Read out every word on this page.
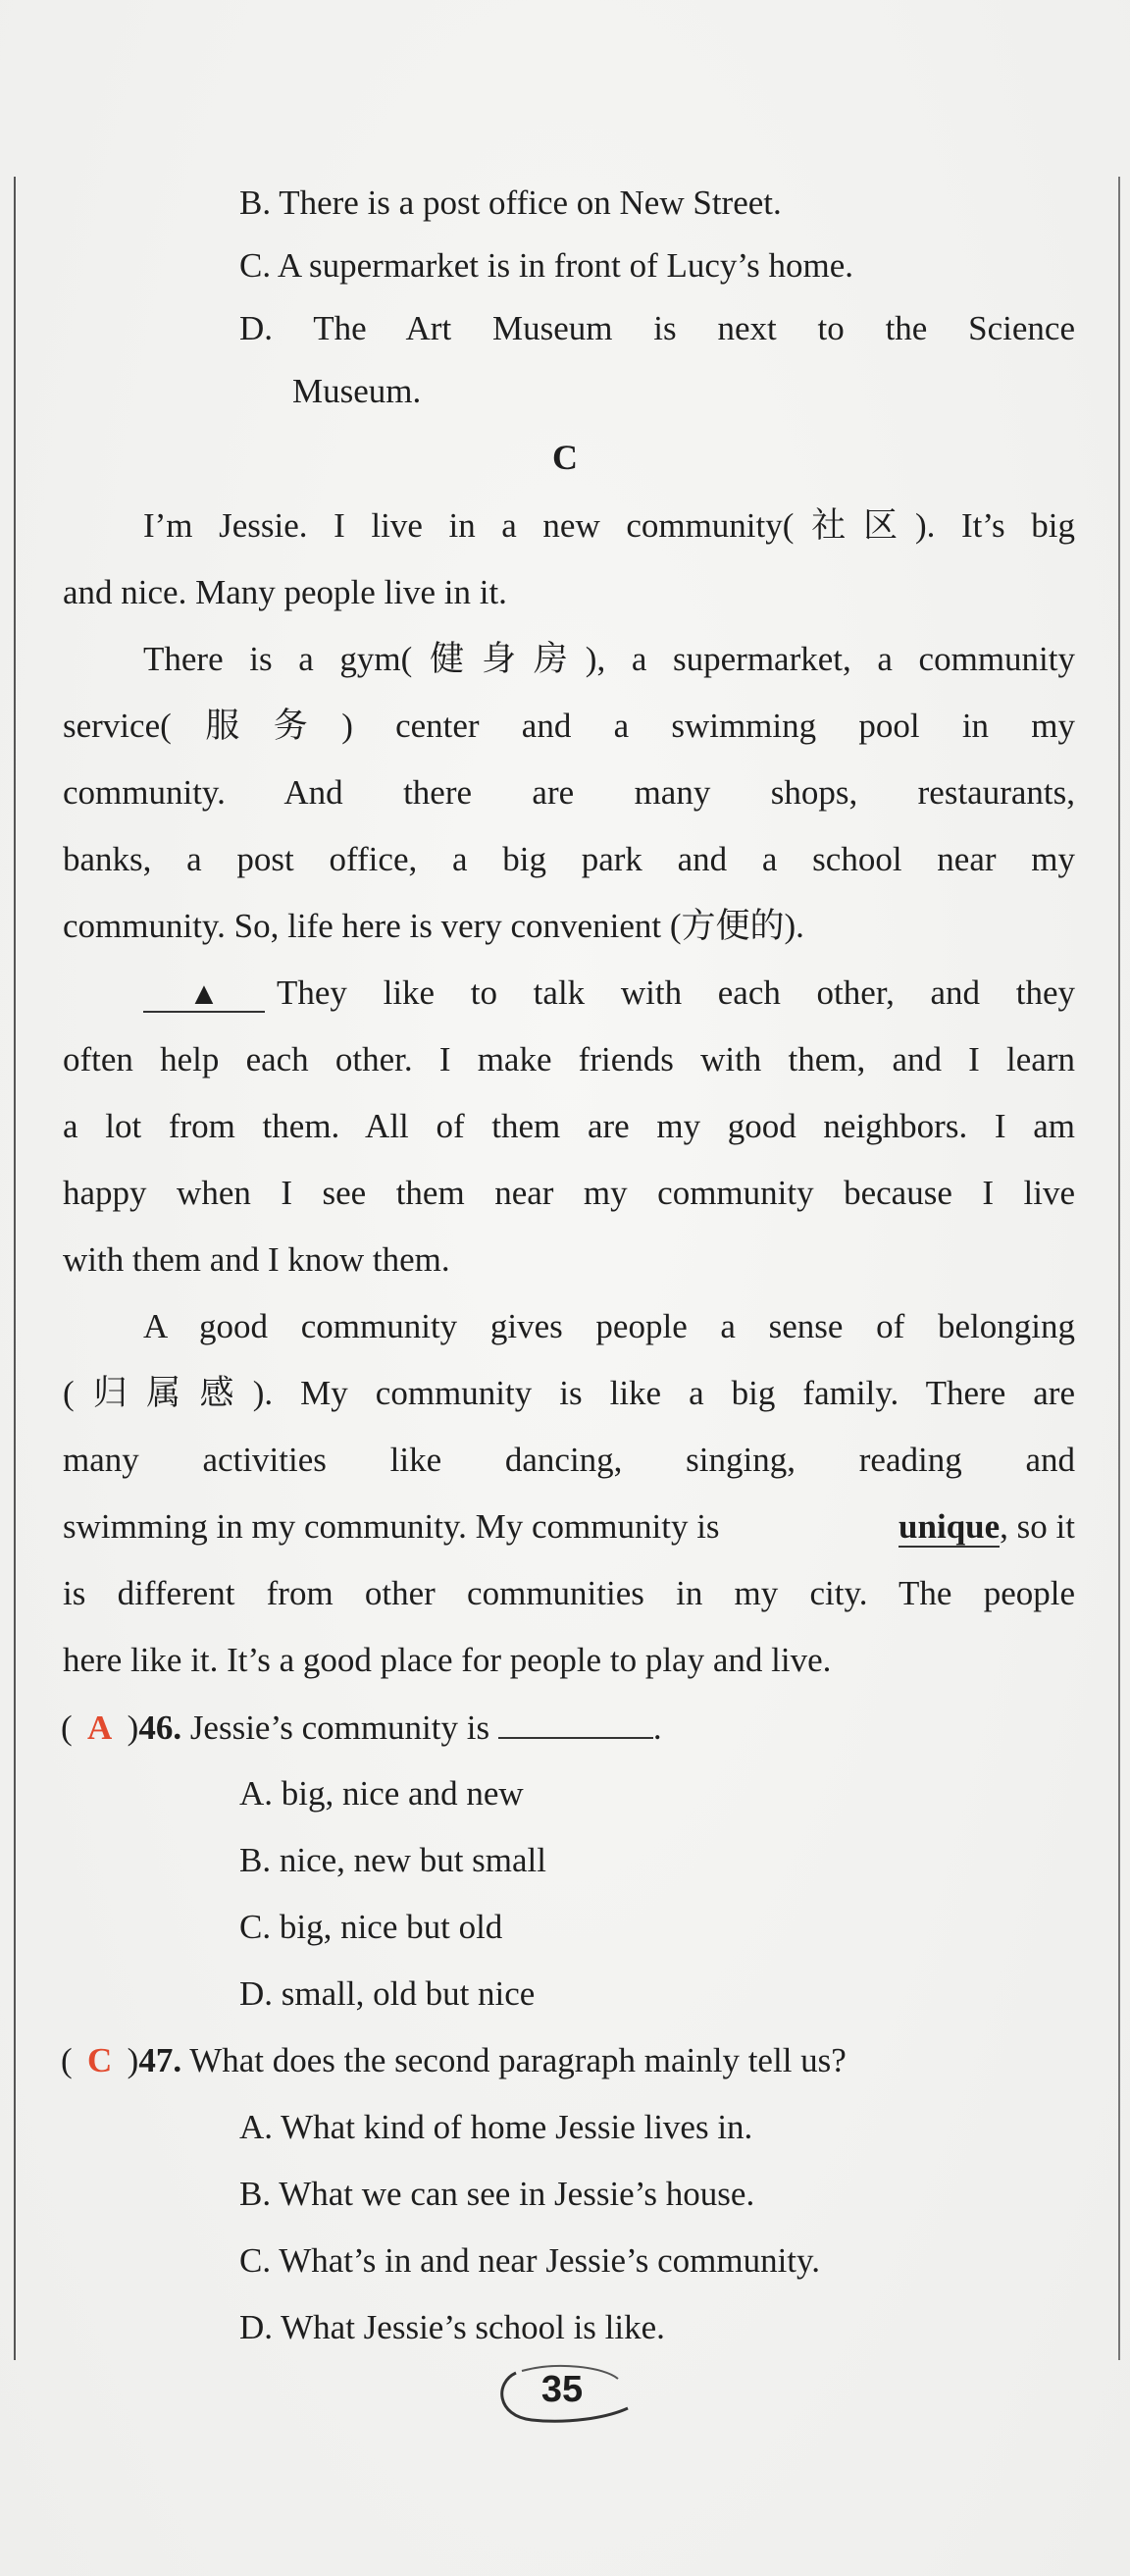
B. There is a post office on New Street.
C. A supermarket is in front of Lucy’s home.
D. The Art Museum is next to the Science
Museum.
C
I’m Jessie. I live in a new community(社区). It’s big
and nice. Many people live in it.
There is a gym(健身房), a supermarket, a community
service(服务) center and a swimming pool in my
community. And there are many shops, restaurants,
banks, a post office, a big park and a school near my
community. So, life here is very convenient (方便的).
▲	They like to talk with each other, and they
often help each other. I make friends with them, and I learn
a lot from them. All of them are my good neighbors. I am
happy when I see them near my community because I live
with them and I know them.
A good community gives people a sense of belonging
(归属感). My community is like a big family. There are
many activities like dancing, singing, reading and
swimming in my community. My community is	unique, so it
is different from other communities in my city. The people
here like it. It’s a good place for people to play and live.
( A )46. Jessie’s community is	.
A. big, nice and new
B. nice, new but small
C. big, nice but old
D. small, old but nice
( C )47. What does the second paragraph mainly tell us?
A. What kind of home Jessie lives in.
B. What we can see in Jessie’s house.
C. What’s in and near Jessie’s community.
D. What Jessie’s school is like.
35
